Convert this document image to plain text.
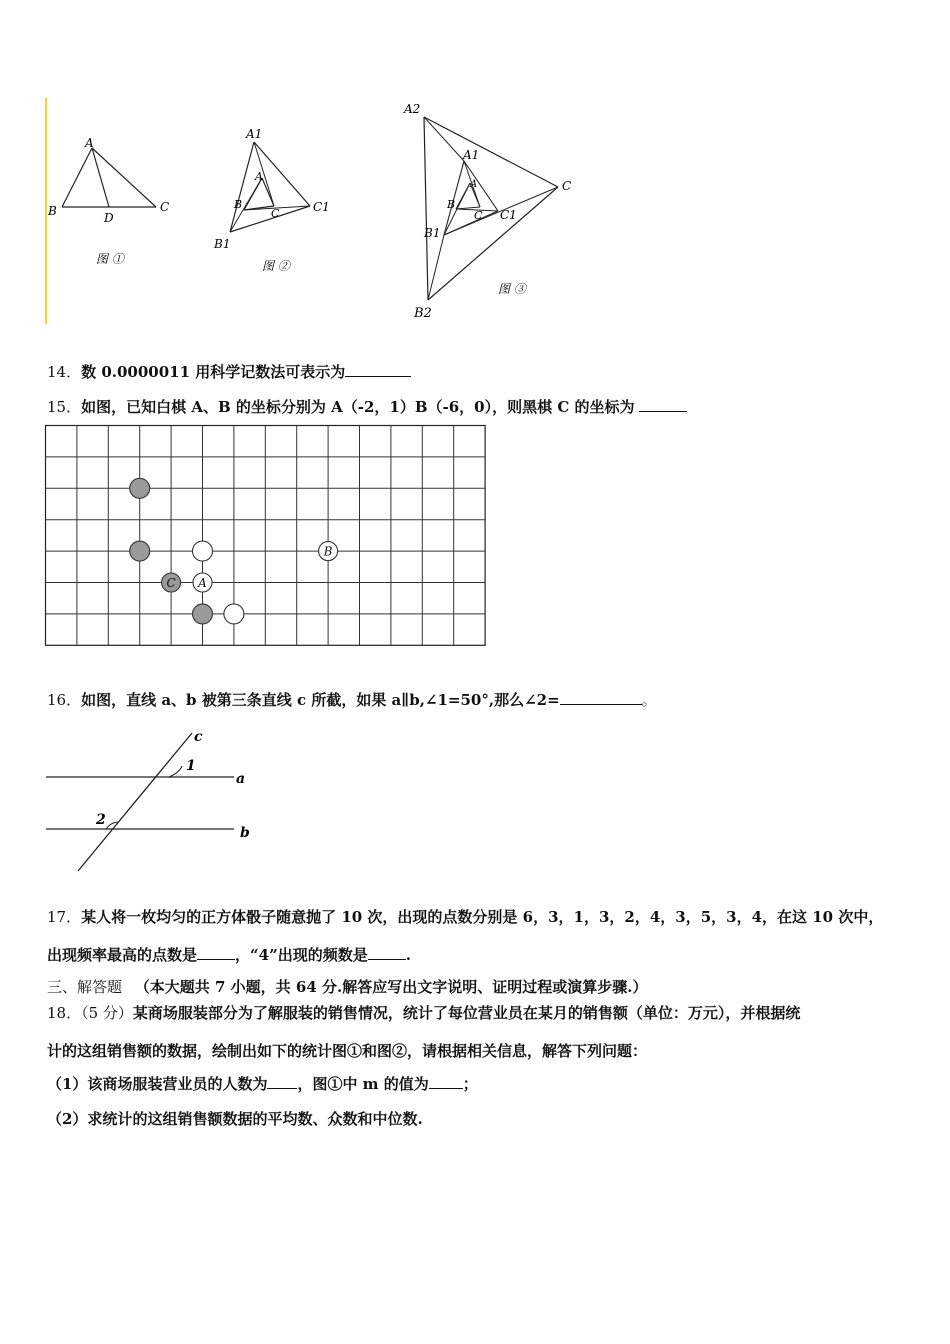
A
B	D
C
图 ①
A1
A
B
C	C1
B1
图 ②
A2
A1
A
B
C C1
B1
B2
C
图 ③
14．数 0.0000011 用科学记数法可表示为
15．如图，已知白棋 A、B 的坐标分别为 A（-2，1）B（-6，0），则黑棋 C 的坐标为
B
C A
16．如图，直线 a、b 被第三条直线 c 所截，如果 a∥b,∠1=50°,那么∠2=	。
c
a
b
1
2
17．某人将一枚均匀的正方体骰子随意抛了 10 次，出现的点数分别是 6，3，1，3，2，4，3，5，3，4，在这 10 次中，
出现频率最高的点数是	，“4”出现的频数是	.
三、解答题 （本大题共 7 小题，共 64 分.解答应写出文字说明、证明过程或演算步骤.）
18．（5 分）某商场服装部分为了解服装的销售情况，统计了每位营业员在某月的销售额（单位：万元），并根据统
计的这组销售额的数据，绘制出如下的统计图①和图②，请根据相关信息，解答下列问题：
（1）该商场服装营业员的人数为 ，图①中 m 的值为 ；
（2）求统计的这组销售额数据的平均数、众数和中位数.
